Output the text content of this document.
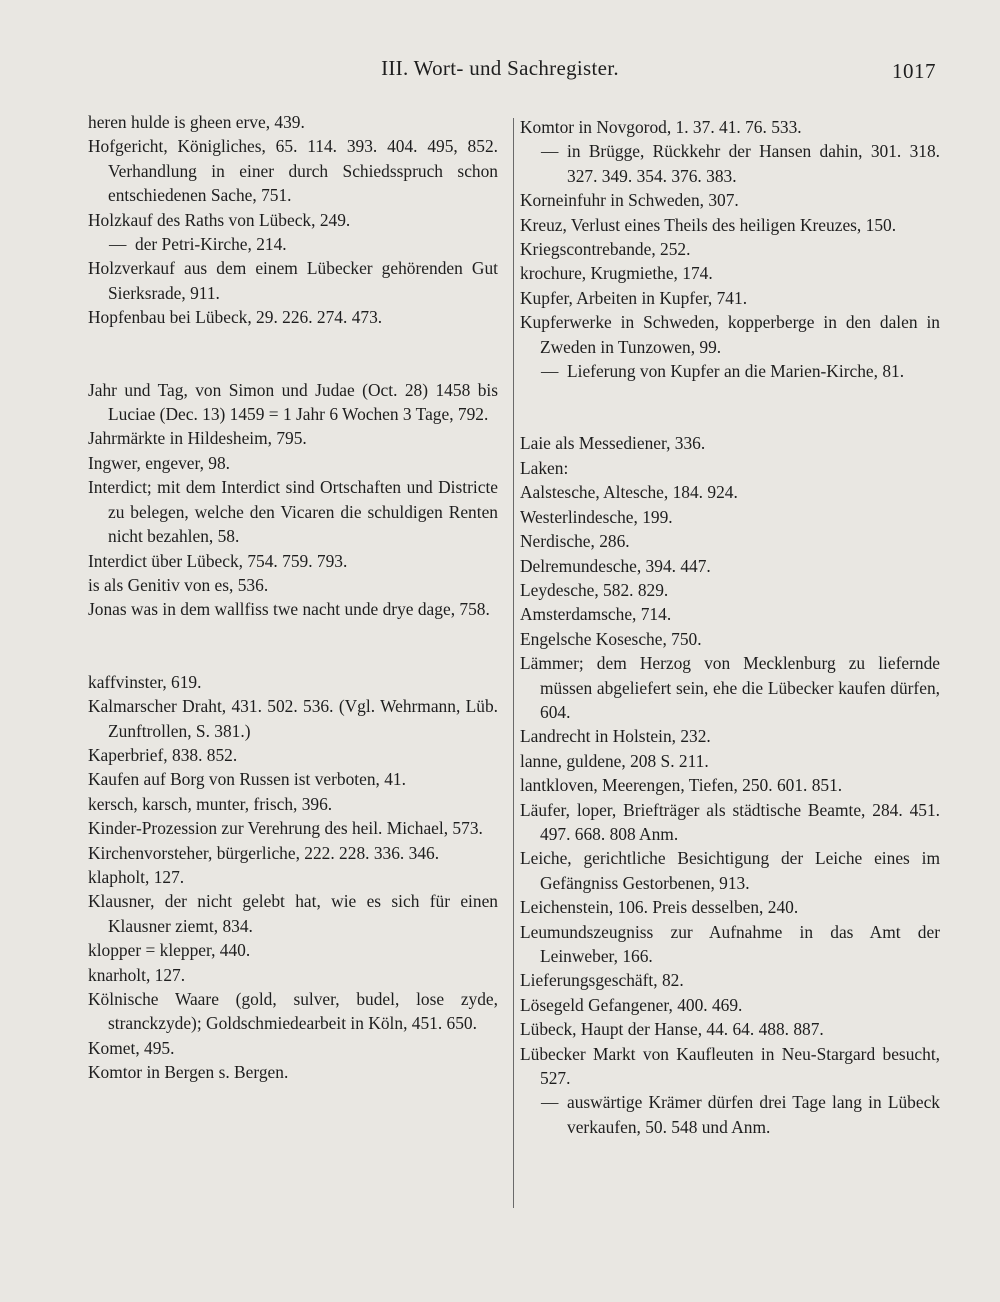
III. Wort- und Sachregister.	1017
heren hulde is gheen erve, 439.
Hofgericht, Königliches, 65. 114. 393. 404. 495, 852. Verhandlung in einer durch Schiedsspruch schon entschiedenen Sache, 751.
Holzkauf des Raths von Lübeck, 249.
— der Petri-Kirche, 214.
Holzverkauf aus dem einem Lübecker gehörenden Gut Sierksrade, 911.
Hopfenbau bei Lübeck, 29. 226. 274. 473.
Jahr und Tag, von Simon und Judae (Oct. 28) 1458 bis Luciae (Dec. 13) 1459 = 1 Jahr 6 Wochen 3 Tage, 792.
Jahrmärkte in Hildesheim, 795.
Ingwer, engever, 98.
Interdict; mit dem Interdict sind Ortschaften und Districte zu belegen, welche den Vicaren die schuldigen Renten nicht bezahlen, 58.
Interdict über Lübeck, 754. 759. 793.
is als Genitiv von es, 536.
Jonas was in dem wallfiss twe nacht unde drye dage, 758.
kaffvinster, 619.
Kalmarscher Draht, 431. 502. 536. (Vgl. Wehrmann, Lüb. Zunftrollen, S. 381.)
Kaperbrief, 838. 852.
Kaufen auf Borg von Russen ist verboten, 41.
kersch, karsch, munter, frisch, 396.
Kinder-Prozession zur Verehrung des heil. Michael, 573.
Kirchenvorsteher, bürgerliche, 222. 228. 336. 346.
klapholt, 127.
Klausner, der nicht gelebt hat, wie es sich für einen Klausner ziemt, 834.
klopper = klepper, 440.
knarholt, 127.
Kölnische Waare (gold, sulver, budel, lose zyde, stranckzyde); Goldschmiedearbeit in Köln, 451. 650.
Komet, 495.
Komtor in Bergen s. Bergen.
Komtor in Novgorod, 1. 37. 41. 76. 533.
— in Brügge, Rückkehr der Hansen dahin, 301. 318. 327. 349. 354. 376. 383.
Korneinfuhr in Schweden, 307.
Kreuz, Verlust eines Theils des heiligen Kreuzes, 150.
Kriegscontrebande, 252.
krochure, Krugmiethe, 174.
Kupfer, Arbeiten in Kupfer, 741.
Kupferwerke in Schweden, kopperberge in den dalen in Zweden in Tunzowen, 99.
— Lieferung von Kupfer an die Marien-Kirche, 81.
Laie als Messediener, 336.
Laken:
Aalstesche, Altesche, 184. 924.
Westerlindesche, 199.
Nerdische, 286.
Delremundesche, 394. 447.
Leydesche, 582. 829.
Amsterdamsche, 714.
Engelsche Kosesche, 750.
Lämmer; dem Herzog von Mecklenburg zu liefernde müssen abgeliefert sein, ehe die Lübecker kaufen dürfen, 604.
Landrecht in Holstein, 232.
lanne, guldene, 208 S. 211.
lantkloven, Meerengen, Tiefen, 250. 601. 851.
Läufer, loper, Briefträger als städtische Beamte, 284. 451. 497. 668. 808 Anm.
Leiche, gerichtliche Besichtigung der Leiche eines im Gefängniss Gestorbenen, 913.
Leichenstein, 106. Preis desselben, 240.
Leumundszeugniss zur Aufnahme in das Amt der Leinweber, 166.
Lieferungsgeschäft, 82.
Lösegeld Gefangener, 400. 469.
Lübeck, Haupt der Hanse, 44. 64. 488. 887.
Lübecker Markt von Kaufleuten in Neu-Stargard besucht, 527.
— auswärtige Krämer dürfen drei Tage lang in Lübeck verkaufen, 50. 548 und Anm.
